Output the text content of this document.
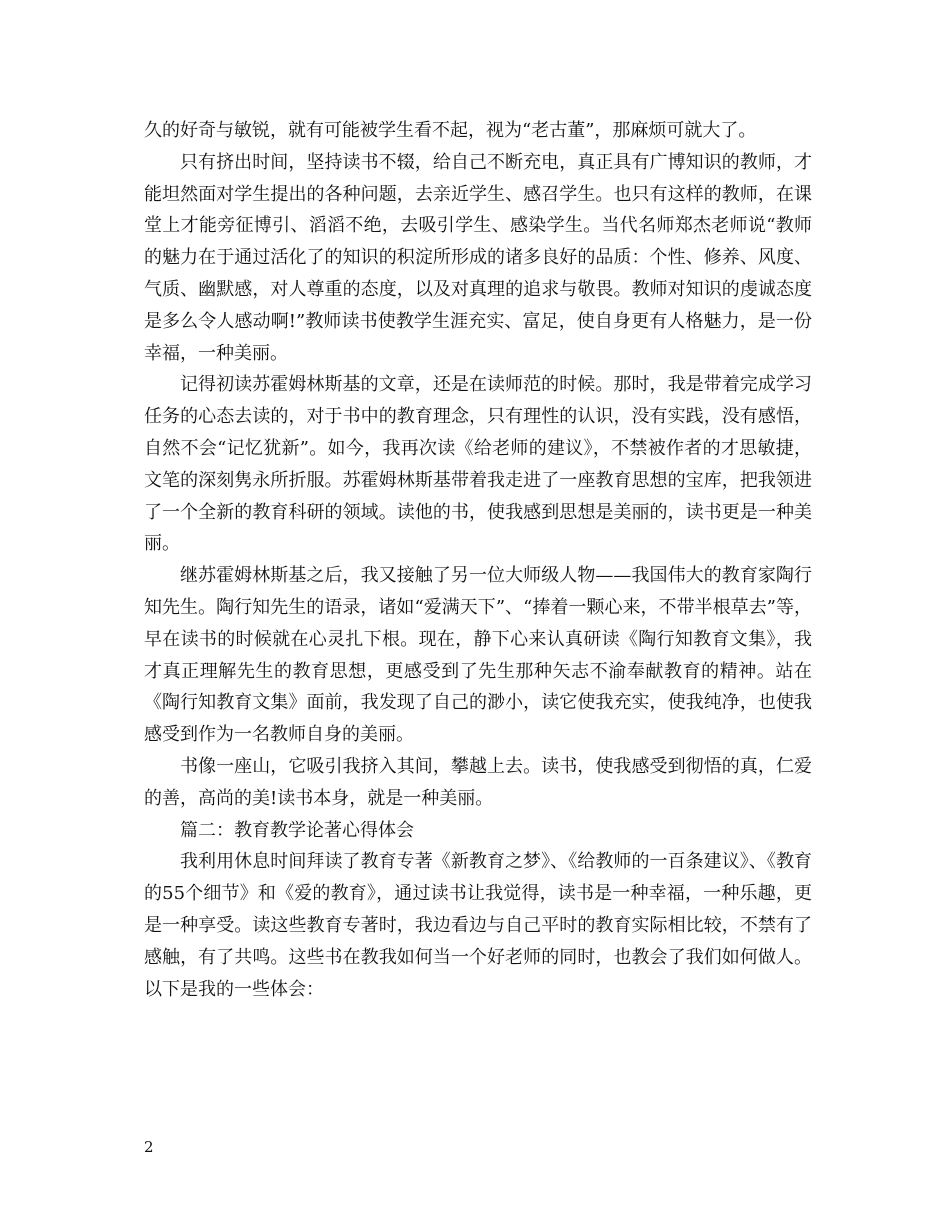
久的好奇与敏锐，就有可能被学生看不起，视为“老古董”，那麻烦可就大了。

只有挤出时间，坚持读书不辍，给自己不断充电，真正具有广博知识的教师，才能坦然面对学生提出的各种问题，去亲近学生、感召学生。也只有这样的教师，在课堂上才能旁征博引、滔滔不绝，去吸引学生、感染学生。当代名师郑杰老师说“教师的魅力在于通过活化了的知识的积淀所形成的诸多良好的品质：个性、修养、风度、气质、幽默感，对人尊重的态度，以及对真理的追求与敬畏。教师对知识的虔诚态度是多么令人感动啊!”教师读书使教学生涯充实、富足，使自身更有人格魅力，是一份幸福，一种美丽。

记得初读苏霍姆林斯基的文章，还是在读师范的时候。那时，我是带着完成学习任务的心态去读的，对于书中的教育理念，只有理性的认识，没有实践，没有感悟，自然不会“记忆犹新”。如今，我再次读《给老师的建议》，不禁被作者的才思敏捷，文笔的深刻隽永所折服。苏霍姆林斯基带着我走进了一座教育思想的宝库，把我领进了一个全新的教育科研的领域。读他的书，使我感到思想是美丽的，读书更是一种美丽。

继苏霍姆林斯基之后，我又接触了另一位大师级人物——我国伟大的教育家陶行知先生。陶行知先生的语录，诸如“爱满天下”、“捧着一颗心来，不带半根草去”等，早在读书的时候就在心灵扎下根。现在，静下心来认真研读《陶行知教育文集》，我才真正理解先生的教育思想，更感受到了先生那种矢志不渝奉献教育的精神。站在《陶行知教育文集》面前，我发现了自己的渺小，读它使我充实，使我纯净，也使我感受到作为一名教师自身的美丽。

书像一座山，它吸引我挤入其间，攀越上去。读书，使我感受到彻悟的真，仁爱的善，高尚的美!读书本身，就是一种美丽。

篇二：教育教学论著心得体会

我利用休息时间拜读了教育专著《新教育之梦》、《给教师的一百条建议》、《教育的55个细节》和《爱的教育》，通过读书让我觉得，读书是一种幸福，一种乐趣，更是一种享受。读这些教育专著时，我边看边与自己平时的教育实际相比较，不禁有了感触，有了共鸣。这些书在教我如何当一个好老师的同时，也教会了我们如何做人。以下是我的一些体会：

2
